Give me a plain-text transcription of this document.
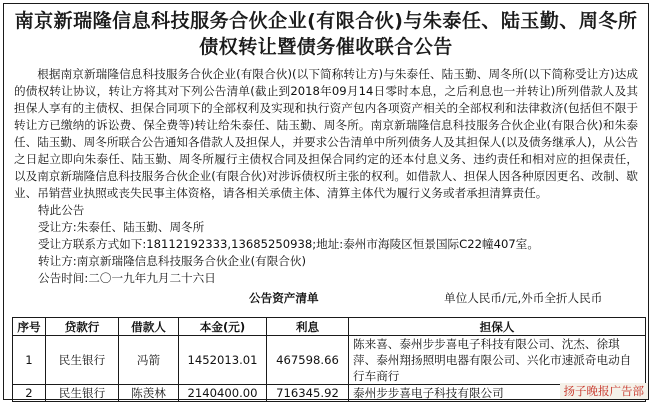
南京新瑞隆信息科技服务合伙企业(有限合伙)与朱泰任、陆玉勤、周冬所
债权转让暨债务催收联合公告

根据南京新瑞隆信息科技服务合伙企业(有限合伙)(以下简称转让方)与朱泰任、陆玉勤、周冬所(以下简称受让方)达成的债权转让协议，转让方将其对下列公告清单(截止到2018年09月14日零时本息，之后利息也一并转让)所列借款人及其担保人享有的主债权、担保合同项下的全部权利及实现和执行资产包内各项资产相关的全部权利和法律救济(包括但不限于转让方已缴纳的诉讼费、保全费等)转让给朱泰任、陆玉勤、周冬所。南京新瑞隆信息科技服务合伙企业(有限合伙)和朱泰任、陆玉勤、周冬所联合公告通知各借款人及担保人，并要求公告清单中所列债务人及其担保人(以及债务继承人)，从公告之日起立即向朱泰任、陆玉勤、周冬所履行主债权合同及担保合同约定的还本付息义务、违约责任和相对应的担保责任，以及南京新瑞隆信息科技服务合伙企业(有限合伙)对涉诉债权所主张的权利。如借款人、担保人因各种原因更名、改制、歇业、吊销营业执照或丧失民事主体资格，请各相关承债主体、清算主体代为履行义务或者承担清算责任。

特此公告
受让方:朱泰任、陆玉勤、周冬所
受让方联系方式如下:18112192333,13685250938;地址:泰州市海陵区恒景国际C22幢407室。
转让方:南京新瑞隆信息科技服务合伙企业(有限合伙)
公告时间:二〇一九年九月二十六日
公告资产清单	单位人民币/元,外币全折人民币
序号	贷款行	借款人	本金(元)	利息	担保人
1	民生银行	冯箭	1452013.01	467598.66	陈来喜、泰州步步喜电子科技有限公司、沈杰、徐琪萍、泰州翔扬照明电器有限公司、兴化市速派奇电动自行车商行
2	民生银行	陈羡林	2140400.00	716345.92	泰州步步喜电子科技有限公司	扬子晚报广告部
